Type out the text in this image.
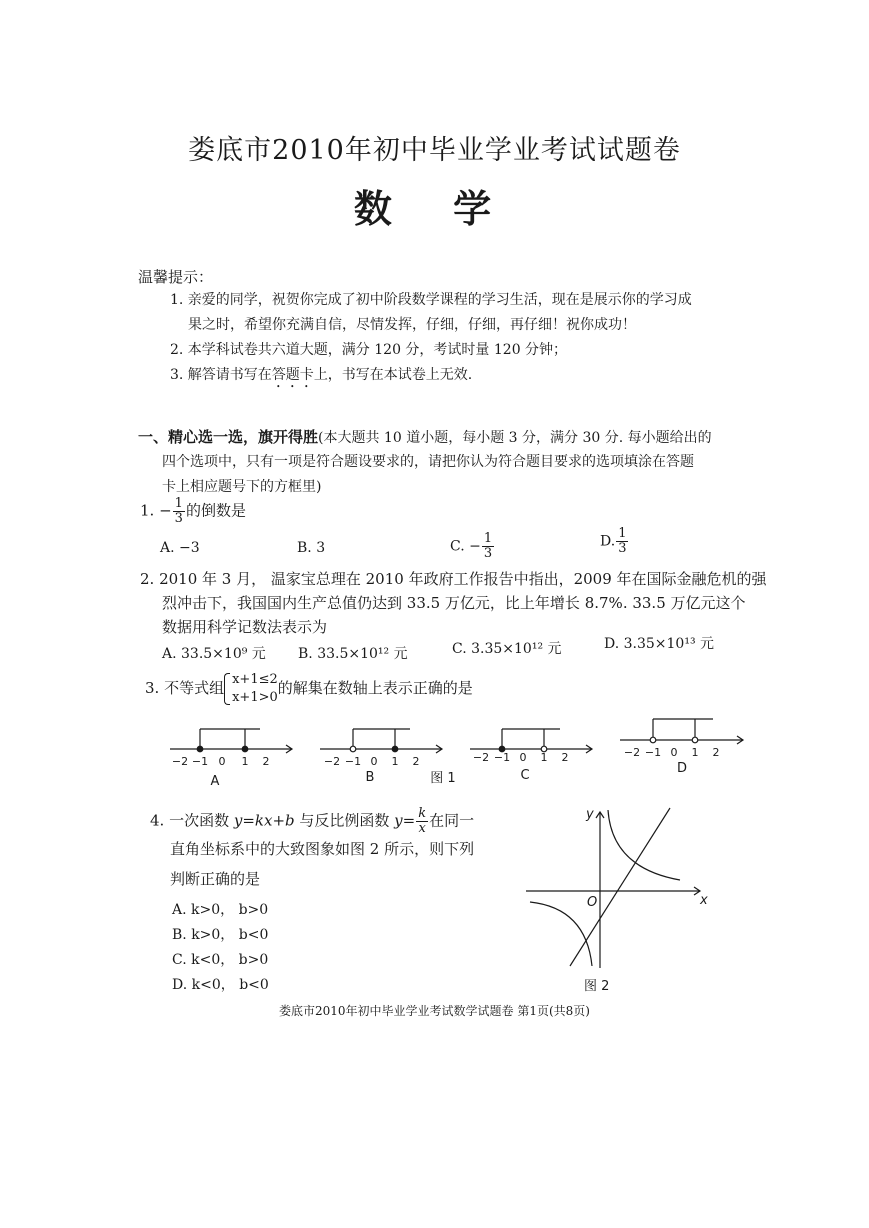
娄底市2010年初中毕业学业考试试题卷
数 学
温馨提示：
1. 亲爱的同学，祝贺你完成了初中阶段数学课程的学习生活，现在是展示你的学习成
果之时，希望你充满自信，尽情发挥，仔细，仔细，再仔细！祝你成功！
2. 本学科试卷共六道大题，满分 120 分，考试时量 120 分钟；
3. 解答请书写在答题卡上，书写在本试卷上无效.
一、精心选一选，旗开得胜(本大题共 10 道小题，每小题 3 分，满分 30 分. 每小题给出的
四个选项中，只有一项是符合题设要求的，请把你认为符合题目要求的选项填涂在答题
卡上相应题号下的方框里)
1. − $\frac{1}{3}$ 的倒数是
A. −3	B. 3	C. − $\frac{1}{3}$	D. $\frac{1}{3}$
2. 2010 年 3 月， 温家宝总理在 2010 年政府工作报告中指出，2009 年在国际金融危机的强
烈冲击下，我国国内生产总值仍达到 33.5 万亿元，比上年增长 8.7%. 33.5 万亿元这个
数据用科学记数法表示为
A. 33.5×10⁹ 元 B. 33.5×10¹² 元	C. 3.35×10¹² 元	D. 3.35×10¹³ 元
3. 不等式组 x+1≤2
x+1>0
的解集在数轴上表示正确的是
−2 −1 0 1 2
A
−2 −1 0 1 2
B	图 1
−2 −1 0 1 2
C
−2 −1 0 1 2
D
4. 一次函数 y=kx+b 与反比例函数 $y= \frac{k}{x}$ 在同一
直角坐标系中的大致图象如图 2 所示，则下列
判断正确的是
A. k>0， b>0
B. k>0， b<0
C. k<0， b>0
D. k<0， b<0
y
x
O
图 2
娄底市2010年初中毕业学业考试数学试题卷 第1页(共8页)
